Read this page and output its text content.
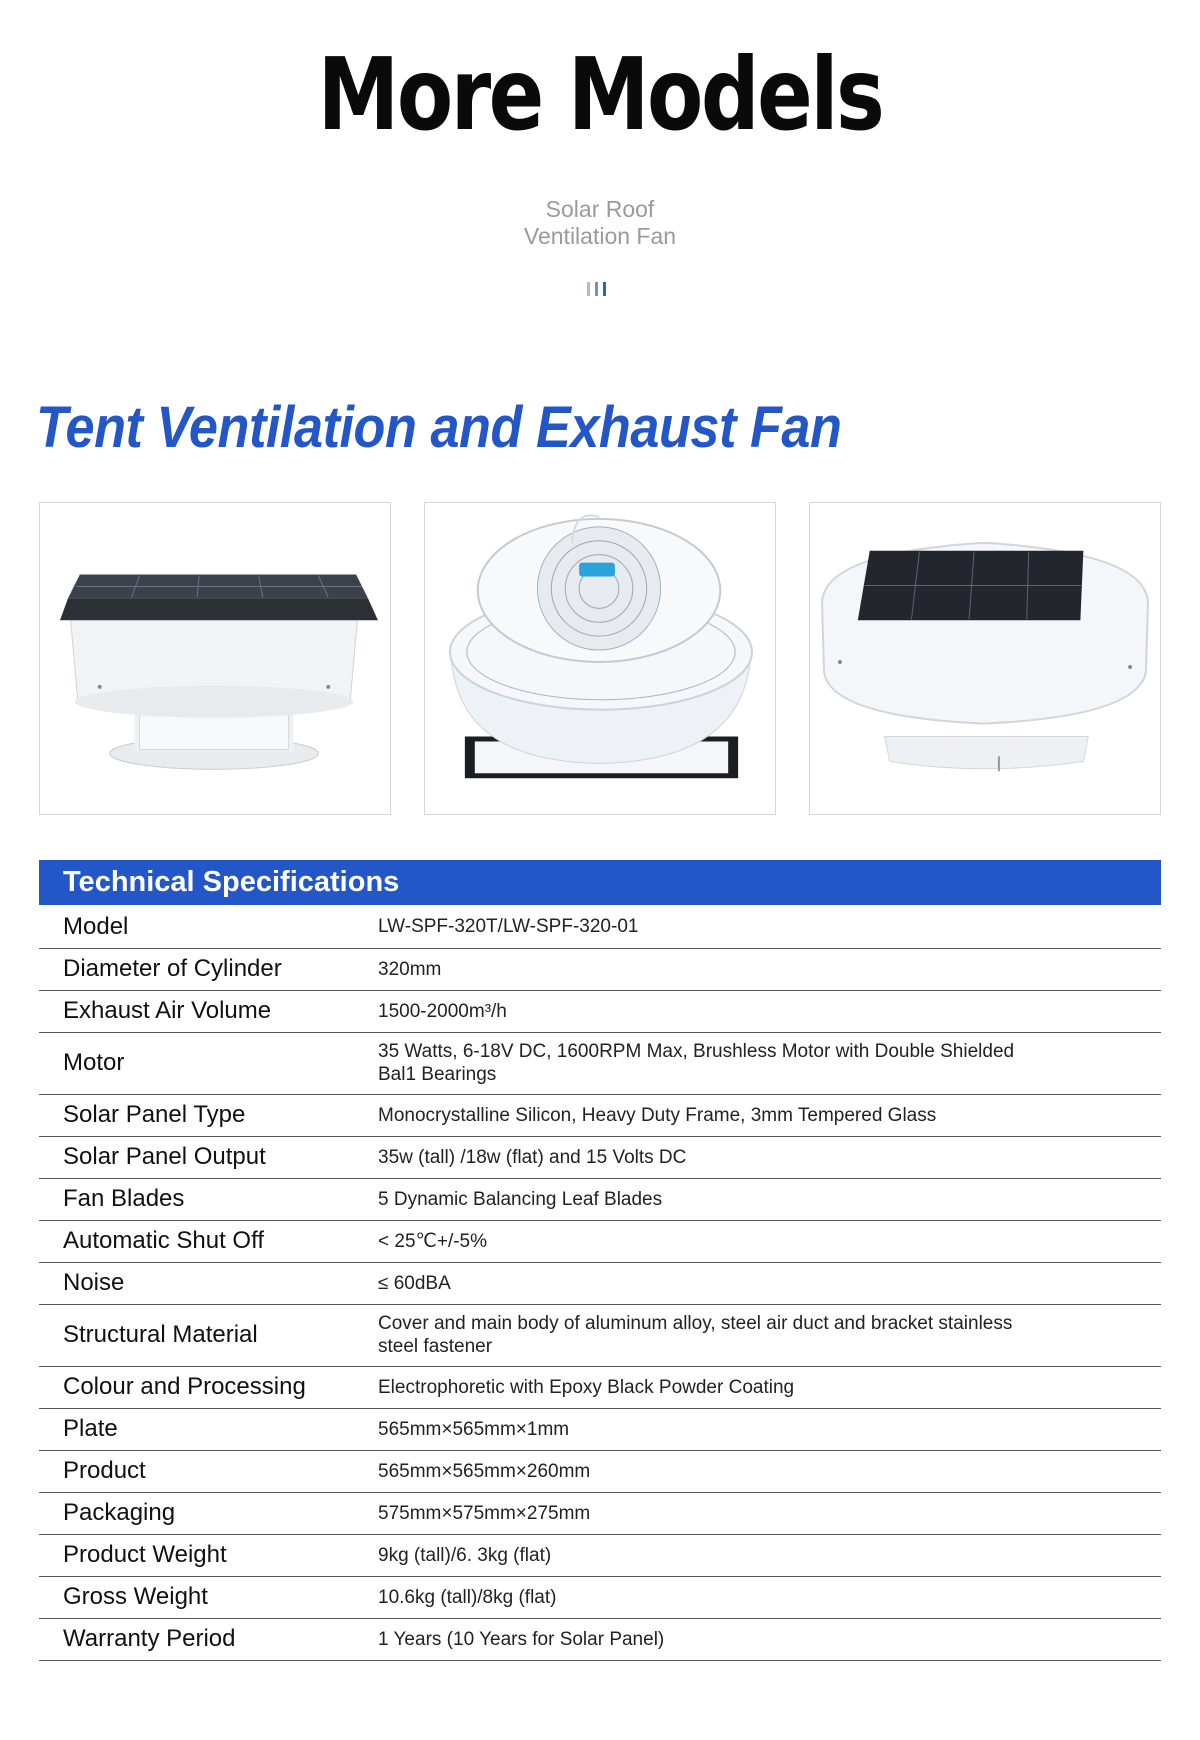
More Models
Solar Roof
Ventilation Fan
Tent Ventilation and Exhaust Fan
Technical Specifications
Model	LW-SPF-320T/LW-SPF-320-01
Diameter of Cylinder	320mm
Exhaust Air Volume	1500-2000m³/h
Motor	35 Watts, 6-18V DC, 1600RPM Max, Brushless Motor with Double Shielded Bal1 Bearings
Solar Panel Type	Monocrystalline Silicon, Heavy Duty Frame, 3mm Tempered Glass
Solar Panel Output	35w (tall) /18w (flat) and 15 Volts DC
Fan Blades	5 Dynamic Balancing Leaf Blades
Automatic Shut Off	< 25℃+/-5%
Noise	≤ 60dBA
Structural Material	Cover and main body of aluminum alloy, steel air duct and bracket stainless steel fastener
Colour and Processing	Electrophoretic with Epoxy Black Powder Coating
Plate	565mm×565mm×1mm
Product	565mm×565mm×260mm
Packaging	575mm×575mm×275mm
Product Weight	9kg (tall)/6. 3kg (flat)
Gross Weight	10.6kg (tall)/8kg (flat)
Warranty Period	1 Years (10 Years for Solar Panel)
